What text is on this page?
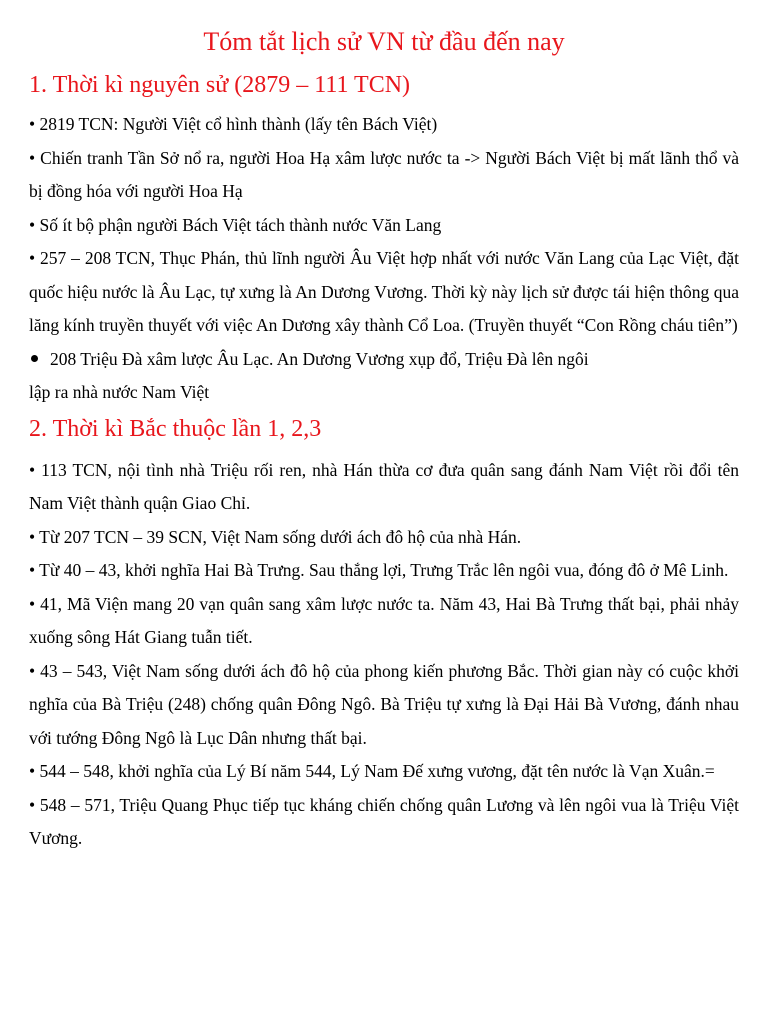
Tóm tắt lịch sử VN từ đầu đến nay
1. Thời kì nguyên sử (2879 – 111 TCN)

• 2819 TCN: Người Việt cổ hình thành (lấy tên Bách Việt)

• Chiến tranh Tần Sở nổ ra, người Hoa Hạ xâm lược nước ta -> Người Bách Việt bị mất lãnh thổ và bị đồng hóa với người Hoa Hạ

• Số ít bộ phận người Bách Việt tách thành nước Văn Lang

• 257 – 208 TCN, Thục Phán, thủ lĩnh người Âu Việt hợp nhất với nước Văn Lang của Lạc Việt, đặt quốc hiệu nước là Âu Lạc, tự xưng là An Dương Vương. Thời kỳ này lịch sử được tái hiện thông qua lăng kính truyền thuyết với việc An Dương xây thành Cổ Loa. (Truyền thuyết “Con Rồng cháu tiên”)

208 Triệu Đà xâm lược Âu Lạc. An Dương Vương xụp đổ, Triệu Đà lên ngôi
lập ra nhà nước Nam Việt
2. Thời kì Bắc thuộc lần 1, 2,3

• 113 TCN, nội tình nhà Triệu rối ren, nhà Hán thừa cơ đưa quân sang đánh Nam Việt rồi đổi tên Nam Việt thành quận Giao Chỉ.

• Từ 207 TCN – 39 SCN, Việt Nam sống dưới ách đô hộ của nhà Hán.

• Từ 40 – 43, khởi nghĩa Hai Bà Trưng. Sau thắng lợi, Trưng Trắc lên ngôi vua, đóng đô ở Mê Linh.

• 41, Mã Viện mang 20 vạn quân sang xâm lược nước ta. Năm 43, Hai Bà Trưng thất bại, phải nhảy xuống sông Hát Giang tuẫn tiết.

• 43 – 543, Việt Nam sống dưới ách đô hộ của phong kiến phương Bắc. Thời gian này có cuộc khởi nghĩa của Bà Triệu (248) chống quân Đông Ngô. Bà Triệu tự xưng là Đại Hải Bà Vương, đánh nhau với tướng Đông Ngô là Lục Dân nhưng thất bại.

• 544 – 548, khởi nghĩa của Lý Bí năm 544, Lý Nam Đế xưng vương, đặt tên nước là Vạn Xuân.=

• 548 – 571, Triệu Quang Phục tiếp tục kháng chiến chống quân Lương và lên ngôi vua là Triệu Việt Vương.
